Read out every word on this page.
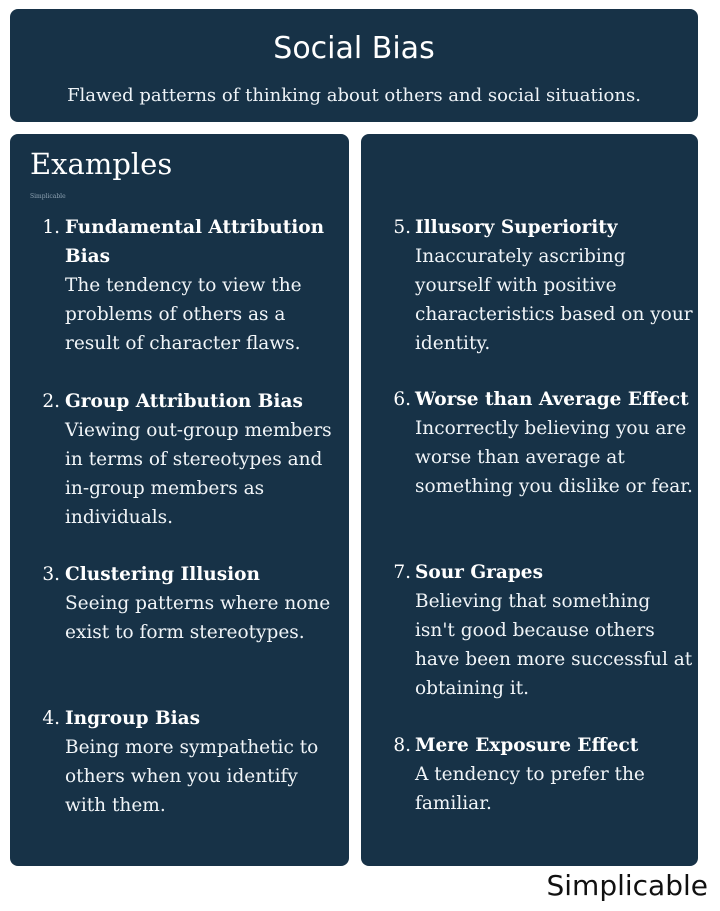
Social Bias
Flawed patterns of thinking about others and social situations.
Examples
Simplicable
1. Fundamental Attribution Bias
The tendency to view the problems of others as a result of character flaws.
2. Group Attribution Bias
Viewing out-group members in terms of stereotypes and in-group members as individuals.
3. Clustering Illusion
Seeing patterns where none exist to form stereotypes.
4. Ingroup Bias
Being more sympathetic to others when you identify with them.
5. Illusory Superiority
Inaccurately ascribing yourself with positive characteristics based on your identity.
6. Worse than Average Effect
Incorrectly believing you are worse than average at something you dislike or fear.
7. Sour Grapes
Believing that something isn't good because others have been more successful at obtaining it.
8. Mere Exposure Effect
A tendency to prefer the familiar.
Simplicable
